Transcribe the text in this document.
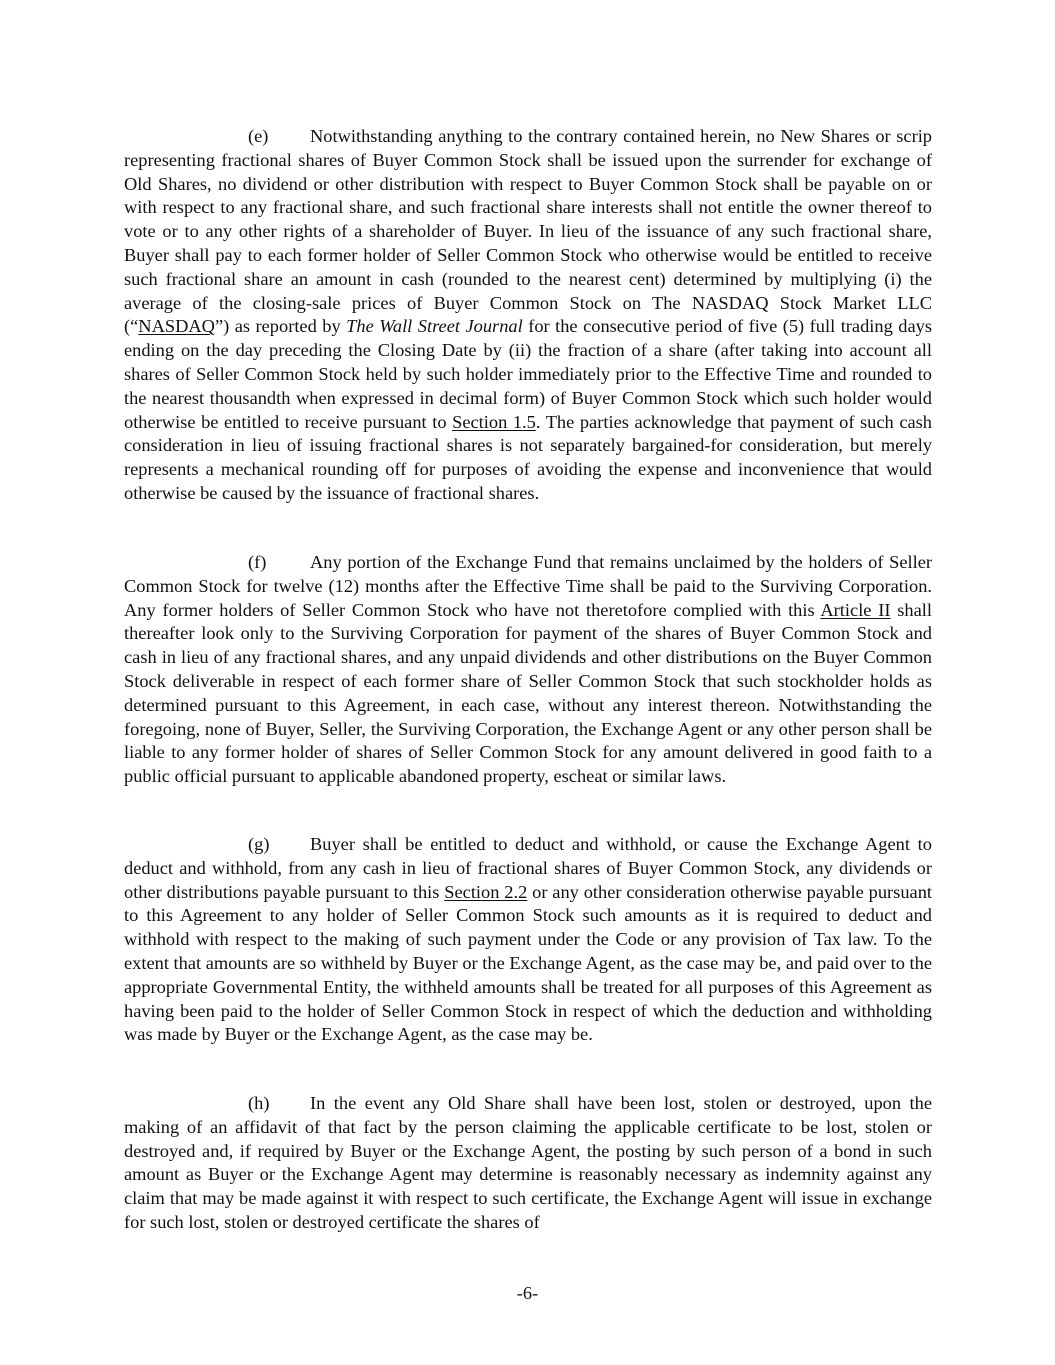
(e) Notwithstanding anything to the contrary contained herein, no New Shares or scrip representing fractional shares of Buyer Common Stock shall be issued upon the surrender for exchange of Old Shares, no dividend or other distribution with respect to Buyer Common Stock shall be payable on or with respect to any fractional share, and such fractional share interests shall not entitle the owner thereof to vote or to any other rights of a shareholder of Buyer. In lieu of the issuance of any such fractional share, Buyer shall pay to each former holder of Seller Common Stock who otherwise would be entitled to receive such fractional share an amount in cash (rounded to the nearest cent) determined by multiplying (i) the average of the closing-sale prices of Buyer Common Stock on The NASDAQ Stock Market LLC (“NASDAQ”) as reported by The Wall Street Journal for the consecutive period of five (5) full trading days ending on the day preceding the Closing Date by (ii) the fraction of a share (after taking into account all shares of Seller Common Stock held by such holder immediately prior to the Effective Time and rounded to the nearest thousandth when expressed in decimal form) of Buyer Common Stock which such holder would otherwise be entitled to receive pursuant to Section 1.5. The parties acknowledge that payment of such cash consideration in lieu of issuing fractional shares is not separately bargained-for consideration, but merely represents a mechanical rounding off for purposes of avoiding the expense and inconvenience that would otherwise be caused by the issuance of fractional shares.

(f) Any portion of the Exchange Fund that remains unclaimed by the holders of Seller Common Stock for twelve (12) months after the Effective Time shall be paid to the Surviving Corporation. Any former holders of Seller Common Stock who have not theretofore complied with this Article II shall thereafter look only to the Surviving Corporation for payment of the shares of Buyer Common Stock and cash in lieu of any fractional shares, and any unpaid dividends and other distributions on the Buyer Common Stock deliverable in respect of each former share of Seller Common Stock that such stockholder holds as determined pursuant to this Agreement, in each case, without any interest thereon. Notwithstanding the foregoing, none of Buyer, Seller, the Surviving Corporation, the Exchange Agent or any other person shall be liable to any former holder of shares of Seller Common Stock for any amount delivered in good faith to a public official pursuant to applicable abandoned property, escheat or similar laws.

(g) Buyer shall be entitled to deduct and withhold, or cause the Exchange Agent to deduct and withhold, from any cash in lieu of fractional shares of Buyer Common Stock, any dividends or other distributions payable pursuant to this Section 2.2 or any other consideration otherwise payable pursuant to this Agreement to any holder of Seller Common Stock such amounts as it is required to deduct and withhold with respect to the making of such payment under the Code or any provision of Tax law. To the extent that amounts are so withheld by Buyer or the Exchange Agent, as the case may be, and paid over to the appropriate Governmental Entity, the withheld amounts shall be treated for all purposes of this Agreement as having been paid to the holder of Seller Common Stock in respect of which the deduction and withholding was made by Buyer or the Exchange Agent, as the case may be.

(h) In the event any Old Share shall have been lost, stolen or destroyed, upon the making of an affidavit of that fact by the person claiming the applicable certificate to be lost, stolen or destroyed and, if required by Buyer or the Exchange Agent, the posting by such person of a bond in such amount as Buyer or the Exchange Agent may determine is reasonably necessary as indemnity against any claim that may be made against it with respect to such certificate, the Exchange Agent will issue in exchange for such lost, stolen or destroyed certificate the shares of

-6-
